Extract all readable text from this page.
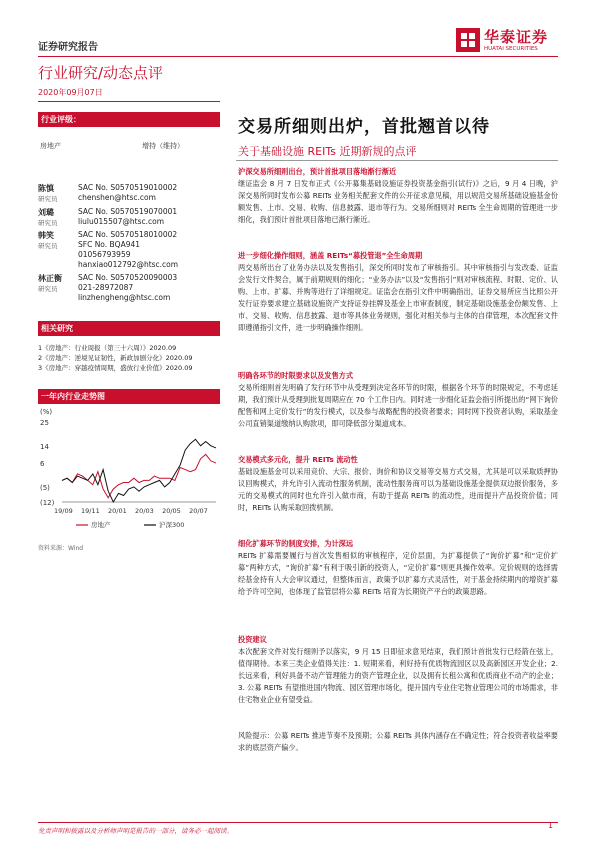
证券研究报告
华泰证券
HUATAI SECURITIES
行业研究/动态点评
2020年09月07日
行业评级：
房地产	增持（维持）
陈慎
研究员
SAC No. S0570519010002
chenshen@htsc.com
刘璐
研究员
SAC No. S0570519070001
liulu015507@htsc.com
韩笑
研究员
SAC No. S0570518010002
SFC No. BQA941
01056793959
hanxiao012792@htsc.com
林正衡
研究员
SAC No. S0570520090003
021-28972087
linzhengheng@htsc.com
相关研究
1《房地产：行业周报（第三十六周）》2020.09
2《房地产：逆境见证韧性，新政加剧分化》2020.09
3《房地产：穿越疫情周期，盛放行业价值》2020.09
一年内行业走势图
(%)
25
14
6
(5)
(12)
19/09 19/11 20/01 20/03 20/05 20/07
房地产	沪深300
资料来源：Wind
交易所细则出炉，首批翘首以待
关于基础设施 REITs 近期新规的点评
沪深交易所细则出台，预计首批项目落地渐行渐近
继证监会 8 月 7 日发布正式《公开募集基础设施证券投资基金指引(试行)》之后，9 月 4 日晚，沪深交易所同时发布公募 REITs 业务相关配套文件的公开征求意见稿，用以规范交易所基础设施基金份额发售、上市、交易、收购、信息披露、退市等行为。交易所细则对 REITs 全生命周期的管理进一步细化，我们预计首批项目落地已渐行渐近。
进一步细化操作细则，涵盖 REITs“募投管退”全生命周期
两交易所出台了业务办法以及发售指引，深交所同时发布了审核指引。其中审核指引与发改委、证监会发行文件契合，属于前期规则的细化；“业务办法”以及“发售指引”则对审核流程、时限、定价、认购、上市、扩募、并购等进行了详细规定。证监会在指引文件中明确指出，证券交易所应当比照公开发行证券要求建立基础设施资产支持证券挂牌及基金上市审查制度，制定基础设施基金份额发售、上市、交易、收购、信息披露、退市等具体业务规则，强化对相关参与主体的自律管理，本次配套文件即遵循指引文件，进一步明确操作细则。
明确各环节的时限要求以及发售方式
交易所细则首先明确了发行环节中从受理到决定各环节的时限，根据各个环节的时限规定，不考虑延期，我们预计从受理到批复周期应在 70 个工作日内。同时进一步细化证监会指引所提出的“网下询价配售和网上定价发行”的发行模式，以及参与战略配售的投资者要求；同时网下投资者认购，采取基金公司直销渠道缴纳认购款项，即可降低部分渠道成本。
交易模式多元化，提升 REITs 流动性
基础设施基金可以采用竞价、大宗、报价、询价和协议交易等交易方式交易，尤其是可以采取质押协议回购模式，并允许引入流动性服务机制，流动性服务商可以为基础设施基金提供双边报价服务，多元的交易模式的同时也允许引入做市商，有助于提高 REITs 的流动性，进而提升产品投资价值；同时，REITs 认购采取回拨机制。
细化扩募环节的制度安排，为计深远
REITs 扩募需要履行与首次发售相似的审核程序，定价层面，为扩募提供了“询价扩募”和“定价扩募”两种方式，“询价扩募”有利于吸引新的投资人，“定价扩募”则更具操作效率。定价规则的选择需经基金持有人大会审议通过，但整体而言，政策予以扩募方式灵活性，对于基金持续期内的增资扩募给予许可空间，也体现了监管层将公募 REITs 培育为长期资产平台的政策思路。
投资建议
本次配套文件对发行细则予以落实，9 月 15 日即征求意见结束，我们预计首批发行已经箭在弦上，值得期待。本来三类企业值得关注：1. 短期来看，利好持有优质物流园区以及高新园区开发企业；2. 长远来看，利好具备不动产管理能力的资产管理企业，以及拥有长租公寓和优质商业不动产的企业；3. 公募 REITs 有望推进国内物流、园区管理市场化，提升国内专业住宅物业管理公司的市场需求，非住宅物业企业有望受益。
风险提示：公募 REITs 推进节奏不及预期；公募 REITs 具体内涵存在不确定性；符合投资者收益率要求的底层资产偏少。
免责声明和披露以及分析师声明是报告的一部分，请务必一起阅读。
1
